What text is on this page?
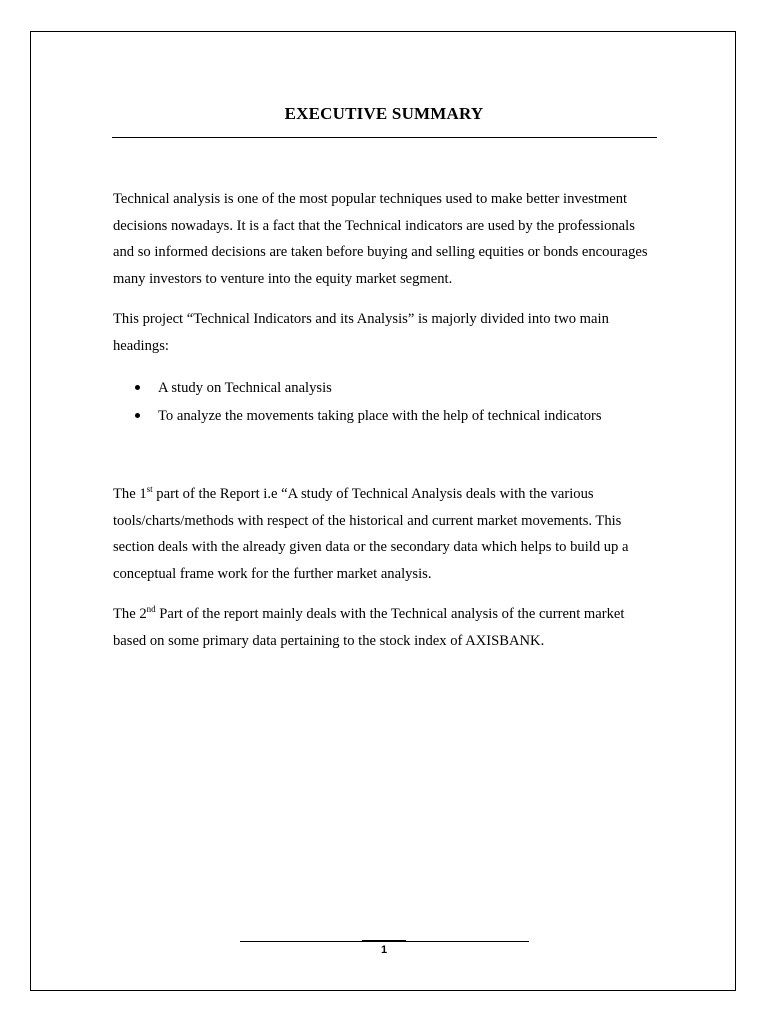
EXECUTIVE SUMMARY

Technical analysis is one of the most popular techniques used to make better investment decisions nowadays. It is a fact that the Technical indicators are used by the professionals and so informed decisions are taken before buying and selling equities or bonds encourages many investors to venture into the equity market segment.

This project “Technical Indicators and its Analysis” is majorly divided into two main headings:

A study on Technical analysis
To analyze the movements taking place with the help of technical indicators

The 1st part of the Report i.e “A study of Technical Analysis deals with the various tools/charts/methods with respect of the historical and current market movements. This section deals with the already given data or the secondary data which helps to build up a conceptual frame work for the further market analysis.

The 2nd Part of the report mainly deals with the Technical analysis of the current market based on some primary data pertaining to the stock index of AXISBANK.

1
